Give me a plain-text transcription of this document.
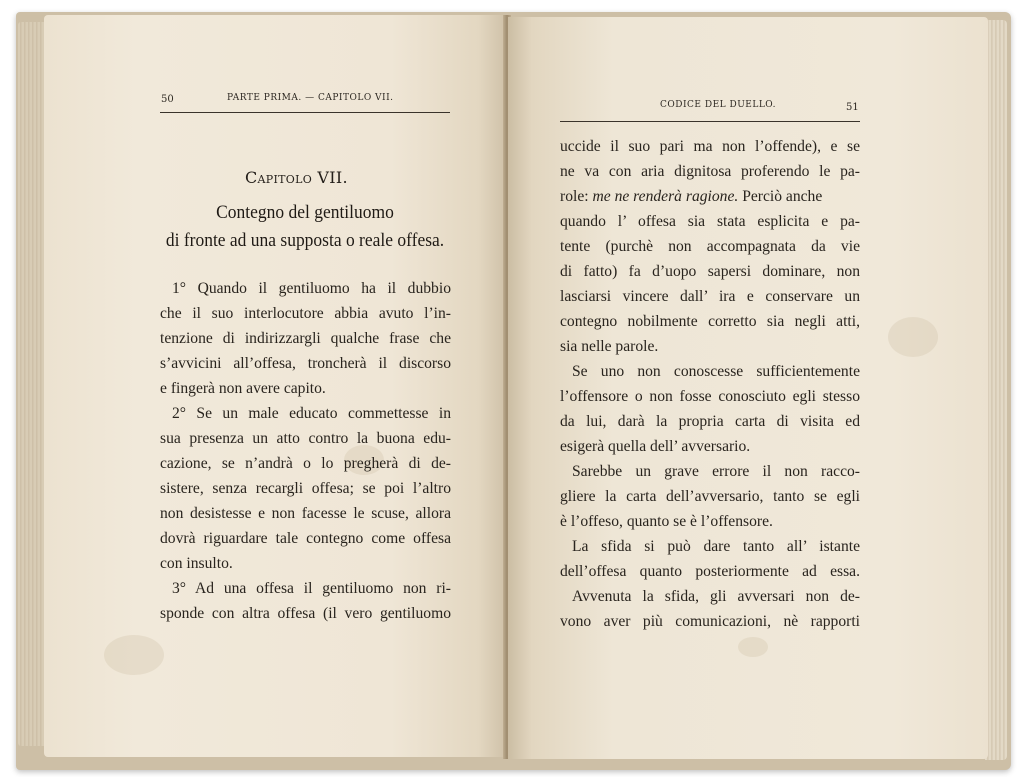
50	PARTE PRIMA. — CAPITOLO VII.
Capitolo VII.
Contegno del gentiluomo
di fronte ad una supposta o reale offesa.
1° Quando il gentiluomo ha il dubbio
che il suo interlocutore abbia avuto l’in-
tenzione di indirizzargli qualche frase che
s’avvicini all’offesa, troncherà il discorso
e fingerà non avere capito.
2° Se un male educato commettesse in
sua presenza un atto contro la buona edu-
cazione, se n’andrà o lo pregherà di de-
sistere, senza recargli offesa; se poi l’altro
non desistesse e non facesse le scuse, allora
dovrà riguardare tale contegno come offesa
con insulto.
3° Ad una offesa il gentiluomo non ri-
sponde con altra offesa (il vero gentiluomo
CODICE DEL DUELLO.	51
uccide il suo pari ma non l’offende), e se
ne va con aria dignitosa proferendo le pa-
role: me ne renderà ragione. Perciò anche
quando l’ offesa sia stata esplicita e pa-
tente (purchè non accompagnata da vie
di fatto) fa d’uopo sapersi dominare, non
lasciarsi vincere dall’ ira e conservare un
contegno nobilmente corretto sia negli atti,
sia nelle parole.
Se uno non conoscesse sufficientemente
l’offensore o non fosse conosciuto egli stesso
da lui, darà la propria carta di visita ed
esigerà quella dell’ avversario.
Sarebbe un grave errore il non racco-
gliere la carta dell’avversario, tanto se egli
è l’offeso, quanto se è l’offensore.
La sfida si può dare tanto all’ istante
dell’offesa quanto posteriormente ad essa.
Avvenuta la sfida, gli avversari non de-
vono aver più comunicazioni, nè rapporti
